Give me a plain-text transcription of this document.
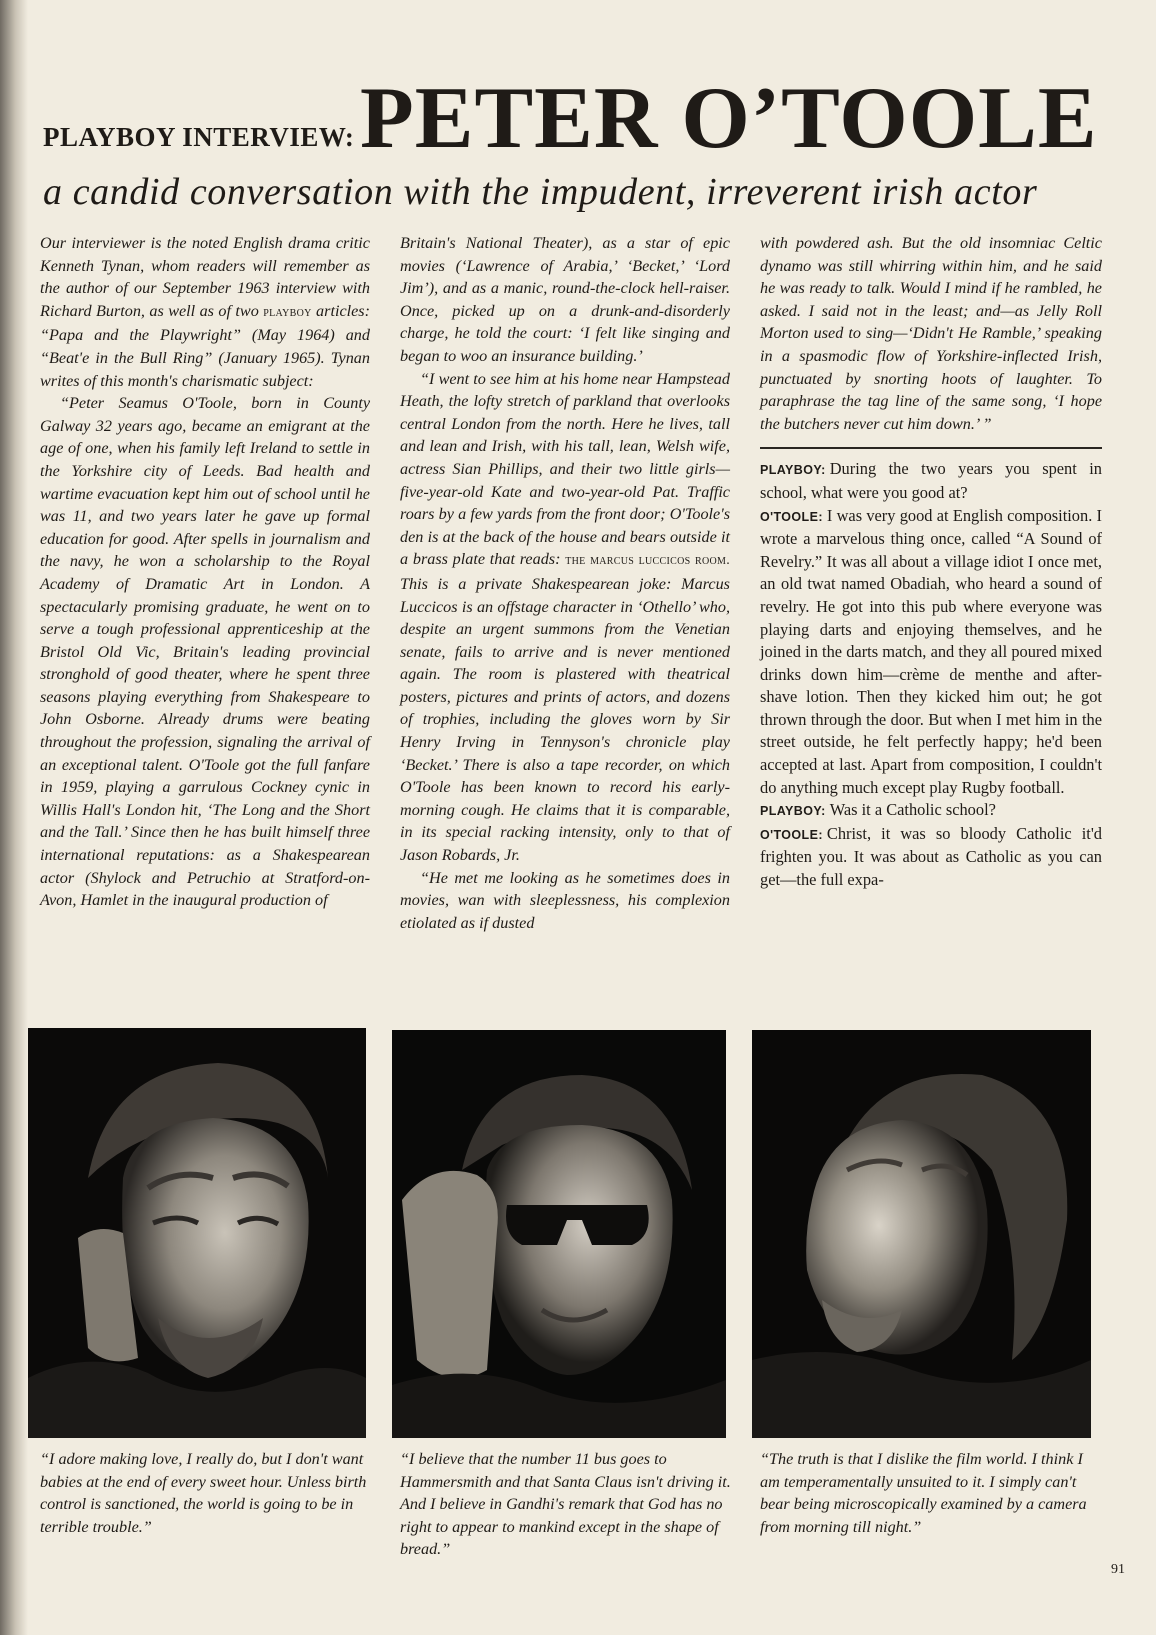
PLAYBOY INTERVIEW: PETER O’TOOLE
a candid conversation with the impudent, irreverent irish actor

Our interviewer is the noted English drama critic Kenneth Tynan, whom readers will remember as the author of our September 1963 interview with Richard Burton, as well as of two playboy articles: “Papa and the Playwright” (May 1964) and “Beat'e in the Bull Ring” (January 1965). Tynan writes of this month's charismatic subject:

“Peter Seamus O'Toole, born in County Galway 32 years ago, became an emigrant at the age of one, when his family left Ireland to settle in the Yorkshire city of Leeds. Bad health and wartime evacuation kept him out of school until he was 11, and two years later he gave up formal education for good. After spells in journalism and the navy, he won a scholarship to the Royal Academy of Dramatic Art in London. A spectacularly promising graduate, he went on to serve a tough professional apprenticeship at the Bristol Old Vic, Britain's leading provincial stronghold of good theater, where he spent three seasons playing everything from Shakespeare to John Osborne. Already drums were beating throughout the profession, signaling the arrival of an exceptional talent. O'Toole got the full fanfare in 1959, playing a garrulous Cockney cynic in Willis Hall's London hit, ‘The Long and the Short and the Tall.’ Since then he has built himself three international reputations: as a Shakespearean actor (Shylock and Petruchio at Stratford-on-Avon, Hamlet in the inaugural production of

Britain's National Theater), as a star of epic movies (‘Lawrence of Arabia,’ ‘Becket,’ ‘Lord Jim’), and as a manic, round-the-clock hell-raiser. Once, picked up on a drunk-and-disorderly charge, he told the court: ‘I felt like singing and began to woo an insurance building.’

“I went to see him at his home near Hampstead Heath, the lofty stretch of parkland that overlooks central London from the north. Here he lives, tall and lean and Irish, with his tall, lean, Welsh wife, actress Sian Phillips, and their two little girls—five-year-old Kate and two-year-old Pat. Traffic roars by a few yards from the front door; O'Toole's den is at the back of the house and bears outside it a brass plate that reads: the marcus luccicos room. This is a private Shakespearean joke: Marcus Luccicos is an offstage character in ‘Othello’ who, despite an urgent summons from the Venetian senate, fails to arrive and is never mentioned again. The room is plastered with theatrical posters, pictures and prints of actors, and dozens of trophies, including the gloves worn by Sir Henry Irving in Tennyson's chronicle play ‘Becket.’ There is also a tape recorder, on which O'Toole has been known to record his early-morning cough. He claims that it is comparable, in its special racking intensity, only to that of Jason Robards, Jr.

“He met me looking as he sometimes does in movies, wan with sleeplessness, his complexion etiolated as if dusted

with powdered ash. But the old insomniac Celtic dynamo was still whirring within him, and he said he was ready to talk. Would I mind if he rambled, he asked. I said not in the least; and—as Jelly Roll Morton used to sing—‘Didn't He Ramble,’ speaking in a spasmodic flow of Yorkshire-inflected Irish, punctuated by snorting hoots of laughter. To paraphrase the tag line of the same song, ‘I hope the butchers never cut him down.’ ”

PLAYBOY: During the two years you spent in school, what were you good at?

O'TOOLE: I was very good at English composition. I wrote a marvelous thing once, called “A Sound of Revelry.” It was all about a village idiot I once met, an old twat named Obadiah, who heard a sound of revelry. He got into this pub where everyone was playing darts and enjoying themselves, and he joined in the darts match, and they all poured mixed drinks down him—crème de menthe and after-shave lotion. Then they kicked him out; he got thrown through the door. But when I met him in the street outside, he felt perfectly happy; he'd been accepted at last. Apart from composition, I couldn't do anything much except play Rugby football.

PLAYBOY: Was it a Catholic school?

O'TOOLE: Christ, it was so bloody Catholic it'd frighten you. It was about as Catholic as you can get—the full expa-

“I adore making love, I really do, but I don't want babies at the end of every sweet hour. Unless birth control is sanctioned, the world is going to be in terrible trouble.”
“I believe that the number 11 bus goes to Hammersmith and that Santa Claus isn't driving it. And I believe in Gandhi's remark that God has no right to appear to mankind except in the shape of bread.”
“The truth is that I dislike the film world. I think I am temperamentally unsuited to it. I simply can't bear being microscopically examined by a camera from morning till night.”
91
